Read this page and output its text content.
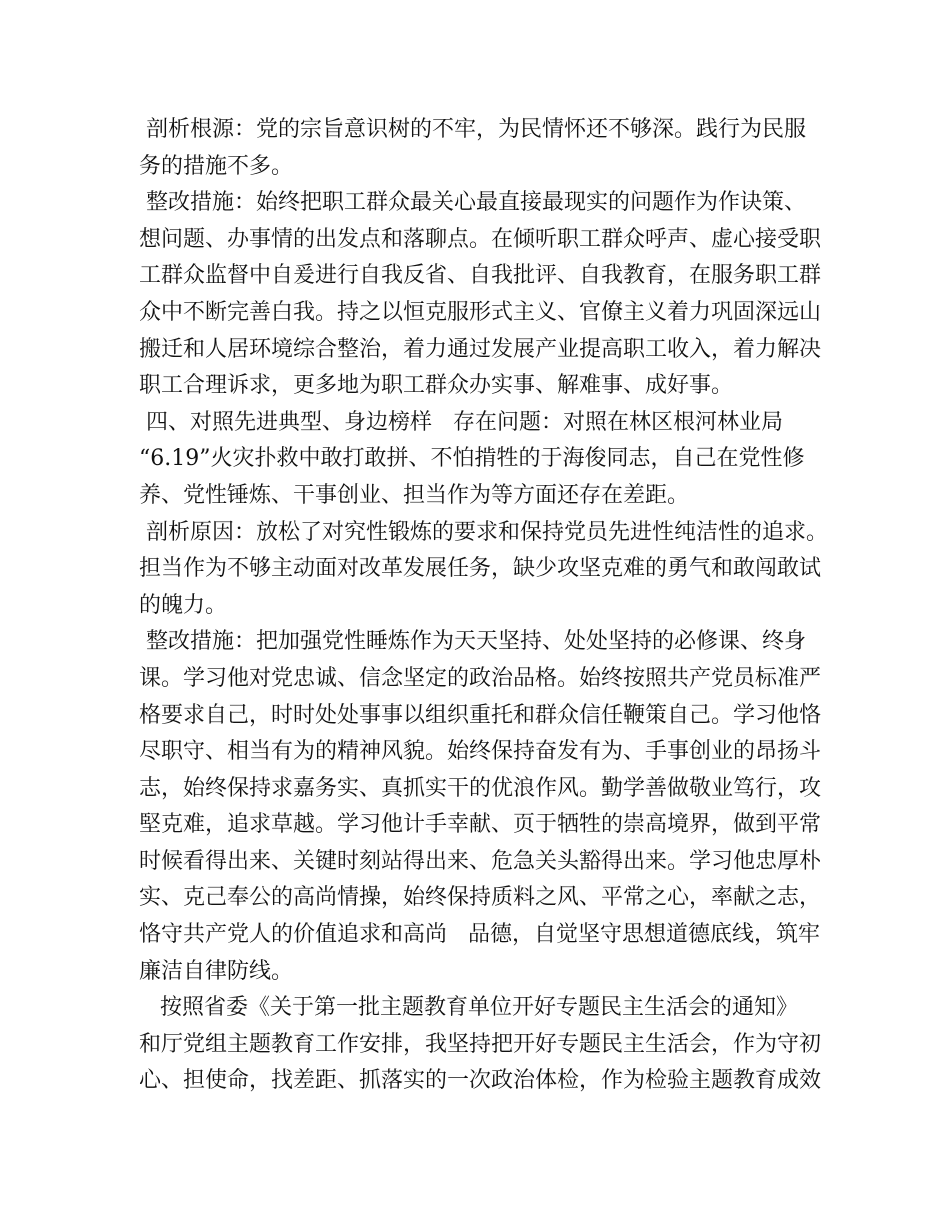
剖析根源：党的宗旨意识树的不牢，为民情怀还不够深。践行为民服
务的措施不多。
整改措施：始终把职工群众最关心最直接最现实的问题作为作诀策、
想问题、办事情的出发点和落聊点。在倾听职工群众呼声、虚心接受职
工群众监督中自爰进行自我反省、自我批评、自我教育，在服务职工群
众中不断完善白我。持之以恒克服形式主义、官僚主义着力巩固深远山
搬迁和人居环境综合整治，着力通过发展产业提高职工收入，着力解决
职工合理诉求，更多地为职工群众办实事、解难事、成好事。
四、对照先进典型、身边榜样   存在问题：对照在林区根河林业局
“6.19”火灾扑救中敢打敢拼、不怕掯牲的于海俊同志，自己在党性修
养、党性锤炼、干事创业、担当作为等方面还存在差距。
剖析原因：放松了对究性锻炼的要求和保持党员先进性纯洁性的追求。
担当作为不够主动面对改革发展任务，缺少攻坚克难的勇气和敢闯敢试
的魄力。
整改措施：把加强党性睡炼作为天天坚持、处处坚持的必修课、终身
课。学习他对党忠诚、信念坚定的政治品格。始终按照共产党员标准严
格要求自己，时时处处事事以组织重托和群众信任鞭策自己。学习他恪
尽职守、相当有为的精神风貌。始终保持奋发有为、手事创业的昂扬斗
志，始终保持求嘉务实、真抓实干的优浪作风。勤学善做敬业笃行，攻
堅克难，追求草越。学习他计手幸献、页于牺牲的崇高境界，做到平常
时候看得出来、关键时刻站得出来、危急关头豁得出来。学习他忠厚朴
实、克己奉公的高尚情操，始终保持质料之风、平常之心，率献之志，
恪守共产党人的价值追求和高尚   品德，自觉坚守思想道德底线，筑牢
廉洁自律防线。
按照省委《关于第一批主题教育单位开好专题民主生活会的通知》
和厅党组主题教育工作安排，我坚持把开好专题民主生活会，作为守初
心、担使命，找差距、抓落实的一次政治体检，作为检验主题教育成效
